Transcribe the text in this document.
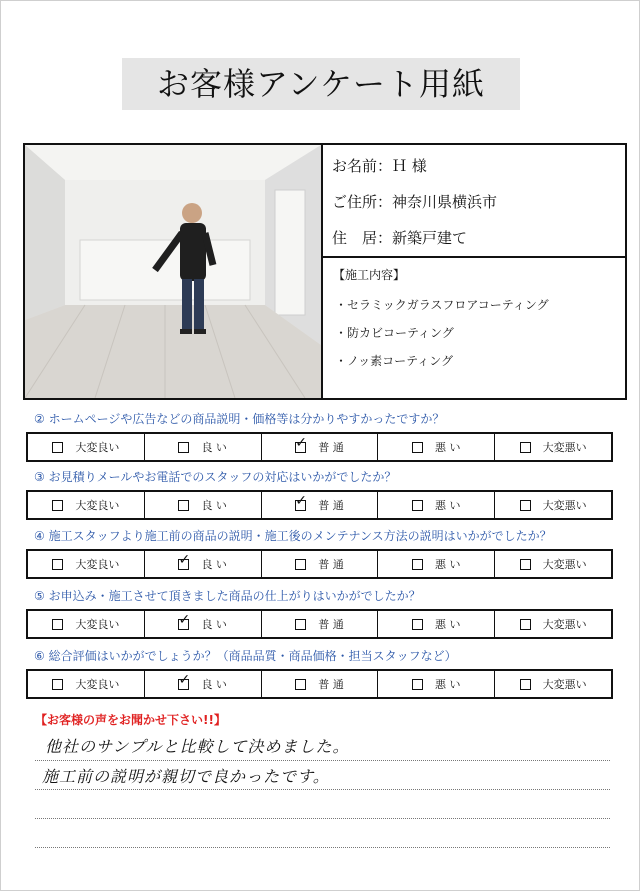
お客様アンケート用紙
お名前：Ｈ 様
ご住所：神奈川県横浜市
住　居：新築戸建て
【施工内容】
・セラミックガラスフロアコーティング
・防カビコーティング
・ノッ素コーティング
② ホームページや広告などの商品説明・価格等は分かりやすかったですか？
大変良い	良 い	✓ 普 通	悪 い	大変悪い
③ お見積りメールやお電話でのスタッフの対応はいかがでしたか？
大変良い	良 い	✓ 普 通	悪 い	大変悪い
④ 施工スタッフより施工前の商品の説明・施工後のメンテナンス方法の説明はいかがでしたか？
大変良い	✓ 良 い	普 通	悪 い	大変悪い
⑤ お申込み・施工させて頂きました商品の仕上がりはいかがでしたか？
大変良い	✓ 良 い	普 通	悪 い	大変悪い
⑥ 総合評価はいかがでしょうか？（商品品質・商品価格・担当スタッフなど）
大変良い	✓ 良 い	普 通	悪 い	大変悪い
【お客様の声をお聞かせ下さい!!】
他社のサンプルと比較して決めました。
施工前の説明が親切で良かったです。
